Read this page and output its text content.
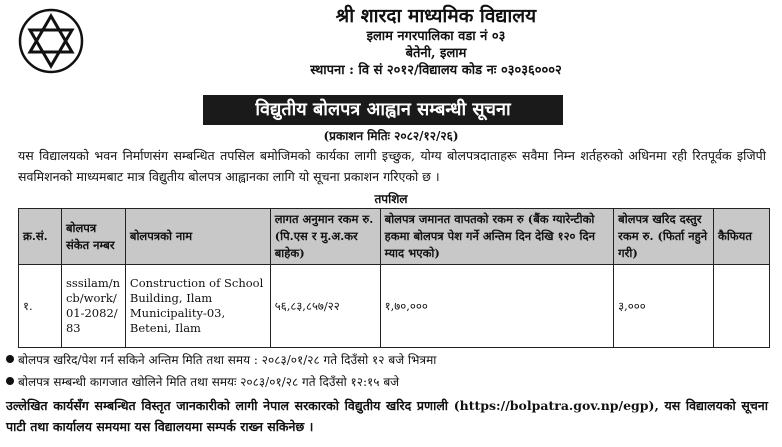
श्री शारदा माध्यमिक विद्यालय
इलाम नगरपालिका वडा नं ०३
बेतेनी, इलाम
स्थापना : वि सं २०१२/विद्यालय कोड नः ०३०३६०००२
विद्युतीय बोलपत्र आह्वान सम्बन्धी सूचना
(प्रकाशन मितिः २०८२/१२/२६)
यस विद्यालयको भवन निर्माणसंग सम्बन्धित तपसिल बमोजिमको कार्यका लागी इच्छुक, योग्य बोलपत्रदाताहरू सवैमा निम्न शर्तहरुको अधिनमा रही रितपूर्वक इजिपी सवमिशनको माध्यमबाट मात्र विद्युतीय बोलपत्र आह्वानका लागि यो सूचना प्रकाशन गरिएको छ ।
तपशिल
क्र.सं.	बोलपत्र संकेत नम्बर	बोलपत्रको नाम	लागत अनुमान रकम रु. (पि.एस र मु.अ.कर बाहेक)	बोलपत्र जमानत वापतको रकम रु (बैंक ग्यारेन्टीको हकमा बोलपत्र पेश गर्ने अन्तिम दिन देखि १२० दिन म्याद भएको)	बोलपत्र खरिद दस्तुर रकम रु. (फिर्ता नहुने गरी)	कैफियत
१.	sssilam/ncb/work/01-2082/83	Construction of School Building, Ilam Municipality-03, Beteni, Ilam	५६,८३,८५७/२२	१,७०,०००	३,०००	
बोलपत्र खरिद/पेश गर्न सकिने अन्तिम मिति तथा समय : २०८३/०१/२८ गते दिउँसो १२ बजे भित्रमा
बोलपत्र सम्बन्धी कागजात खोलिने मिति तथा समयः २०८३/०१/२८ गते दिउँसो १२:१५ बजे
उल्लेखित कार्यसँग सम्बन्धित विस्तृत जानकारीको लागी नेपाल सरकारको विद्युतीय खरिद प्रणाली (https://bolpatra.gov.np/egp), यस विद्यालयको सूचना पाटी तथा कार्यालय समयमा यस विद्यालयमा सम्पर्क राख्न सकिनेछ ।
